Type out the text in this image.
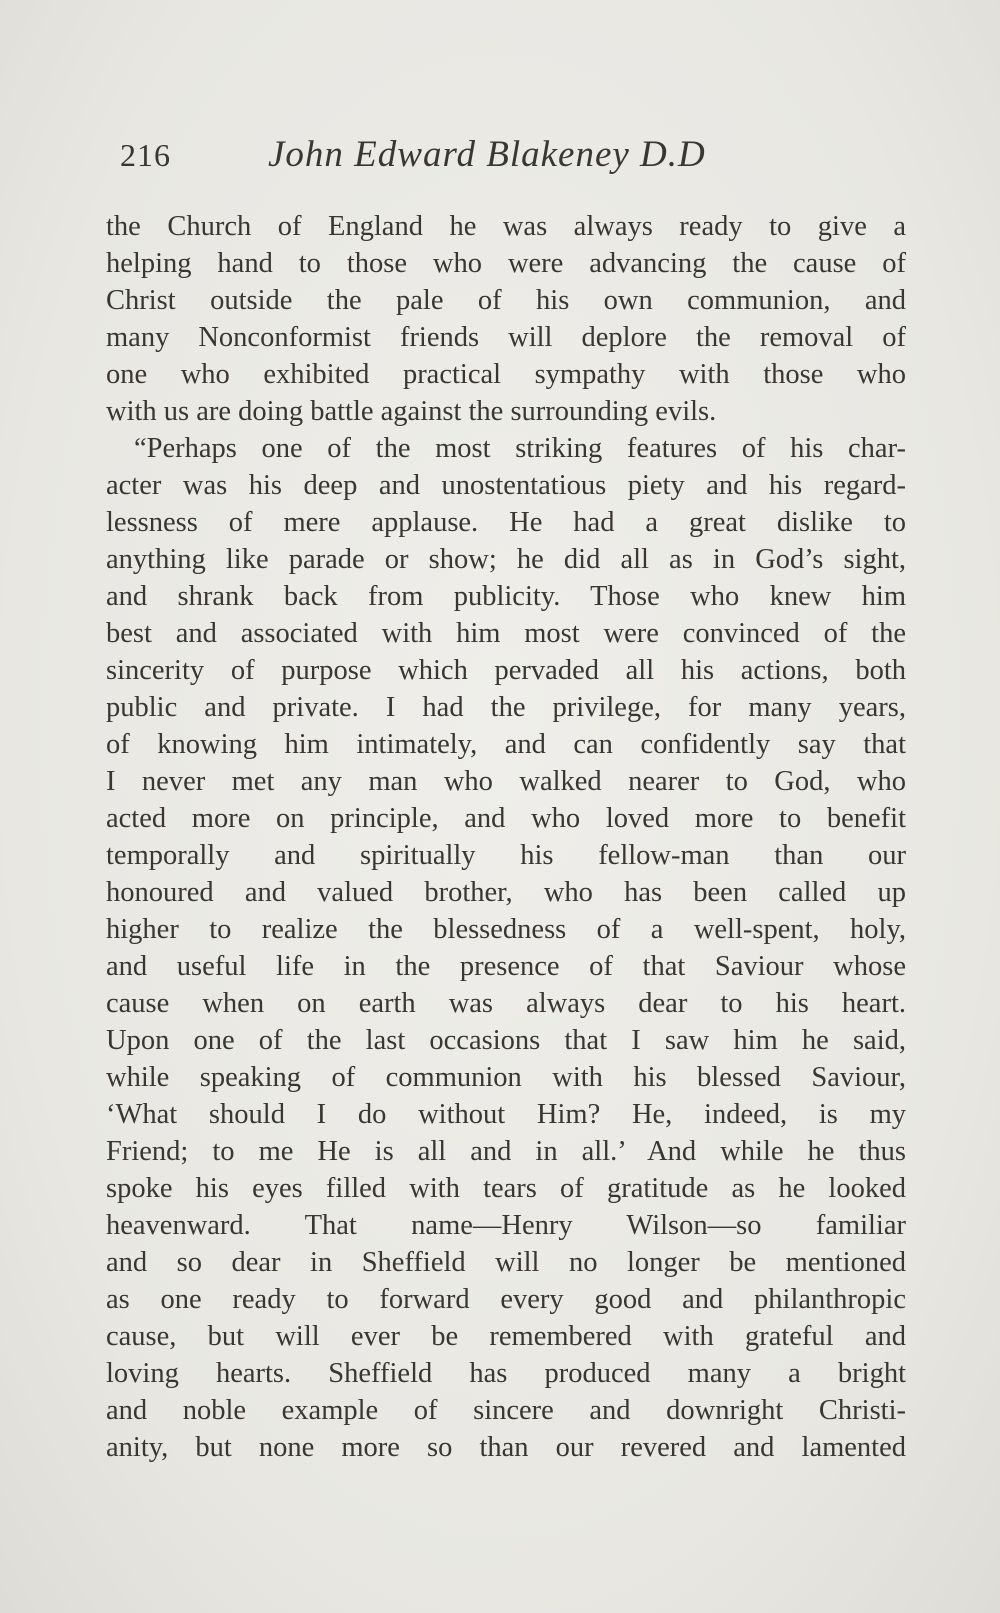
216	John Edward Blakeney D.D
the Church of England he was always ready to give a
helping hand to those who were advancing the cause of
Christ outside the pale of his own communion, and
many Nonconformist friends will deplore the removal of
one who exhibited practical sympathy with those who
with us are doing battle against the surrounding evils.
“Perhaps one of the most striking features of his char-
acter was his deep and unostentatious piety and his regard-
lessness of mere applause. He had a great dislike to
anything like parade or show; he did all as in God’s sight,
and shrank back from publicity. Those who knew him
best and associated with him most were convinced of the
sincerity of purpose which pervaded all his actions, both
public and private. I had the privilege, for many years,
of knowing him intimately, and can confidently say that
I never met any man who walked nearer to God, who
acted more on principle, and who loved more to benefit
temporally and spiritually his fellow-man than our
honoured and valued brother, who has been called up
higher to realize the blessedness of a well-spent, holy,
and useful life in the presence of that Saviour whose
cause when on earth was always dear to his heart.
Upon one of the last occasions that I saw him he said,
while speaking of communion with his blessed Saviour,
‘What should I do without Him? He, indeed, is my
Friend; to me He is all and in all.’ And while he thus
spoke his eyes filled with tears of gratitude as he looked
heavenward. That name—Henry Wilson—so familiar
and so dear in Sheffield will no longer be mentioned
as one ready to forward every good and philanthropic
cause, but will ever be remembered with grateful and
loving hearts. Sheffield has produced many a bright
and noble example of sincere and downright Christi-
anity, but none more so than our revered and lamented
